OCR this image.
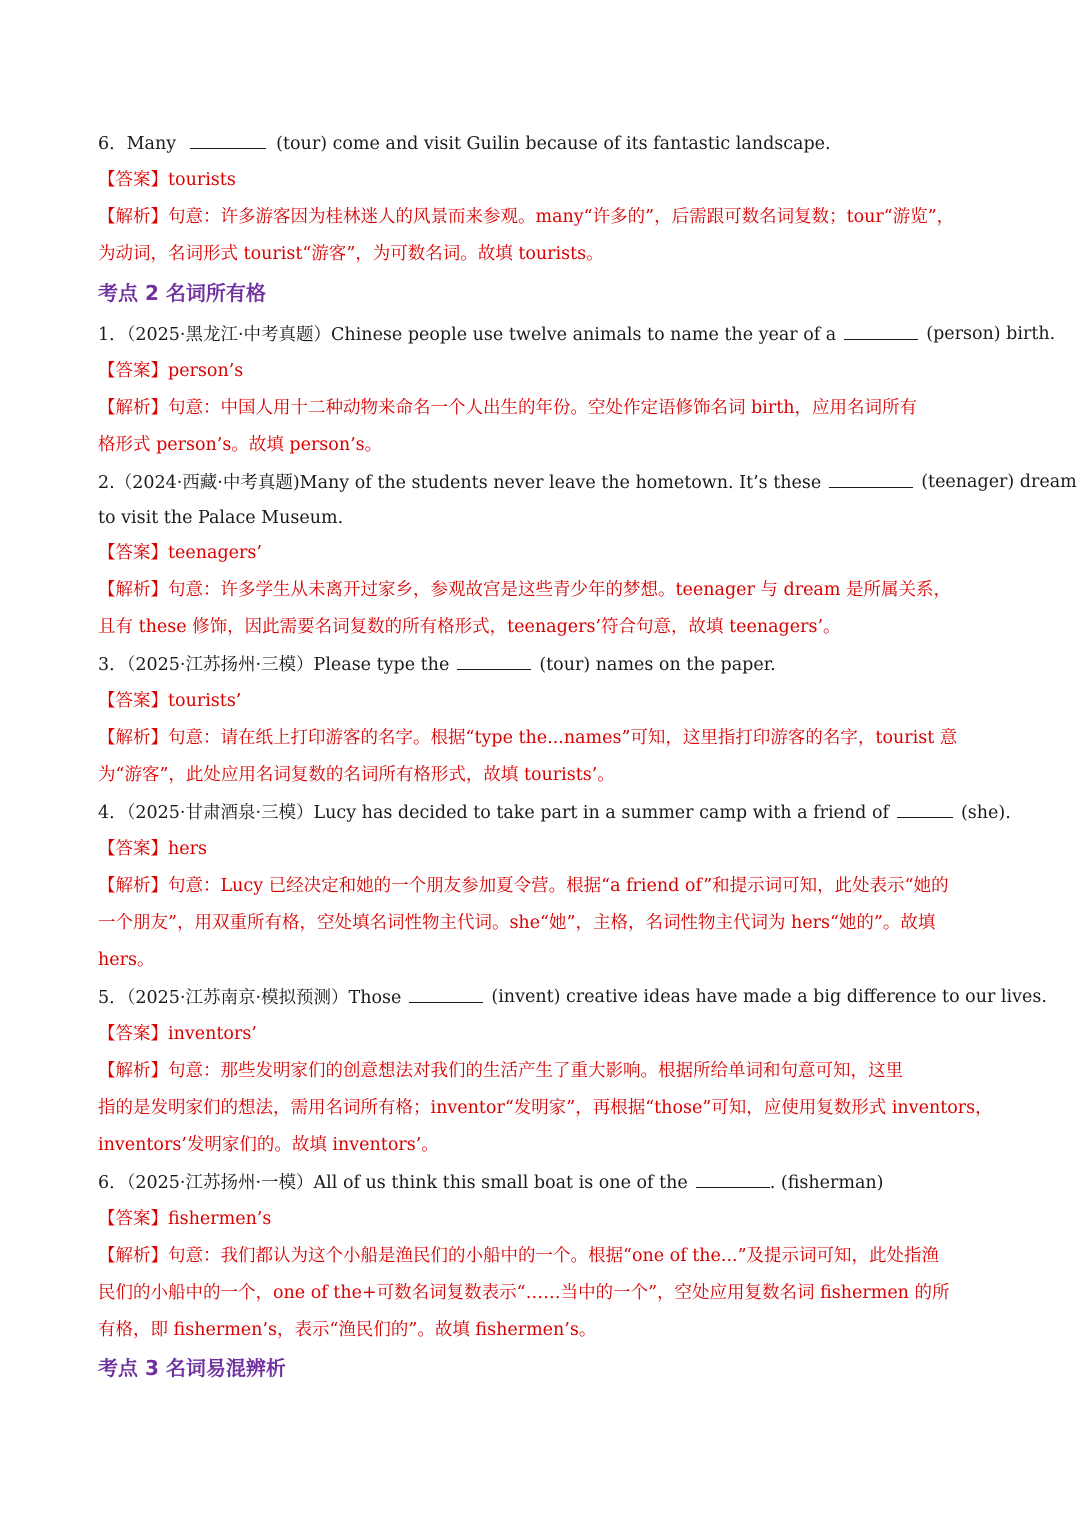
6．Many	(tour) come and visit Guilin because of its fantastic landscape.
【答案】tourists
【解析】句意：许多游客因为桂林迷人的风景而来参观。many“许多的”，后需跟可数名词复数；tour“游览”，
为动词，名词形式 tourist“游客”，为可数名词。故填 tourists。
考点 2 名词所有格
1．（2025·黑龙江·中考真题）Chinese people use twelve animals to name the year of a	(person) birth.
【答案】person’s
【解析】句意：中国人用十二种动物来命名一个人出生的年份。空处作定语修饰名词 birth，应用名词所有
格形式 person’s。故填 person’s。
2.（2024·西藏·中考真题)Many of the students never leave the hometown. It’s these	(teenager) dream
to visit the Palace Museum.
【答案】teenagers’
【解析】句意：许多学生从未离开过家乡，参观故宫是这些青少年的梦想。teenager 与 dream 是所属关系，
且有 these 修饰，因此需要名词复数的所有格形式，teenagers’符合句意，故填 teenagers’。
3．（2025·江苏扬州·三模）Please type the	(tour) names on the paper.
【答案】tourists’
【解析】句意：请在纸上打印游客的名字。根据“type the...names”可知，这里指打印游客的名字，tourist 意
为“游客”，此处应用名词复数的名词所有格形式，故填 tourists’。
4．（2025·甘肃酒泉·三模）Lucy has decided to take part in a summer camp with a friend of	(she).
【答案】hers
【解析】句意：Lucy 已经决定和她的一个朋友参加夏令营。根据“a friend of”和提示词可知，此处表示“她的
一个朋友”，用双重所有格，空处填名词性物主代词。she“她”，主格，名词性物主代词为 hers“她的”。故填
hers。
5．（2025·江苏南京·模拟预测）Those	(invent) creative ideas have made a big difference to our lives.
【答案】inventors’
【解析】句意：那些发明家们的创意想法对我们的生活产生了重大影响。根据所给单词和句意可知，这里
指的是发明家们的想法，需用名词所有格；inventor“发明家”，再根据“those”可知，应使用复数形式 inventors，
inventors’发明家们的。故填 inventors’。
6．（2025·江苏扬州·一模）All of us think this small boat is one of the	. (fisherman)
【答案】fishermen’s
【解析】句意：我们都认为这个小船是渔民们的小船中的一个。根据“one of the...”及提示词可知，此处指渔
民们的小船中的一个，one of the+可数名词复数表示“……当中的一个”，空处应用复数名词 fishermen 的所
有格，即 fishermen’s，表示“渔民们的”。故填 fishermen’s。
考点 3 名词易混辨析
